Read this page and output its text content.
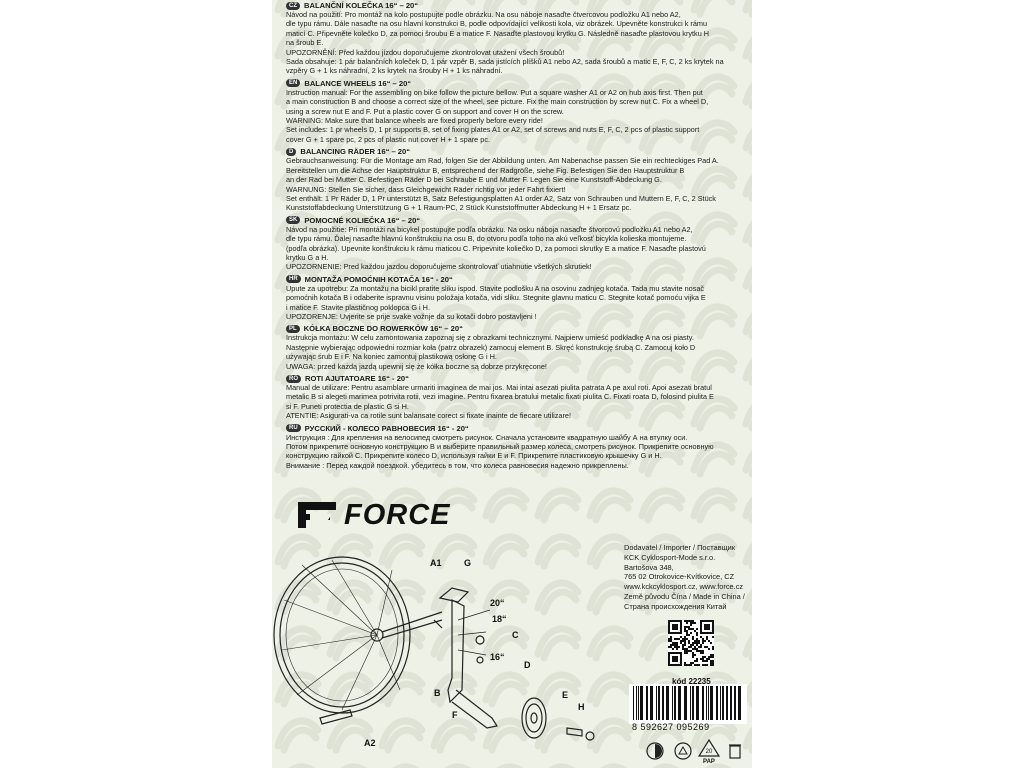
CZ BALANČNÍ KOLEČKA 16“ – 20“
Návod na použití: Pro montáž na kolo postupujte podle obrázku. Na osu náboje nasaďte čtvercovou podložku A1 nebo A2,
dle typu rámu. Dále nasaďte na osu hlavní konstrukci B, podle odpovídající velikosti kola, viz obrázek. Upevněte konstrukci k rámu
maticí C. Připevněte kolečko D, za pomoci šroubu E a matice F. Nasaďte plastovou krytku G. Následně nasaďte plastovou krytku H
na šroub E.
UPOZORNĚNÍ: Před každou jízdou doporučujeme zkontrolovat utažení všech šroubů!
Sada obsahuje: 1 pár balančních koleček D, 1 pár vzpěr B, sada jistících plíšků A1 nebo A2, sada šroubů a matic E, F, C, 2 ks krytek na
vzpěry G + 1 ks náhradní, 2 ks krytek na šrouby H + 1 ks náhradní.
EN BALANCE WHEELS 16“ – 20“
Instruction manual: For the assembling on bike follow the picture bellow. Put a square washer A1 or A2 on hub axis first. Then put
a main construction B and choose a correct size of the wheel, see picture. Fix the main construction by screw nut C. Fix a wheel D,
using a screw nut E and F. Put a plastic cover G on support and cover H on the screw.
WARNING: Make sure that balance wheels are fixed properly before every ride!
Set includes: 1 pr wheels D, 1 pr supports B, set of fixing plates A1 or A2, set of screws and nuts E, F, C, 2 pcs of plastic support
cover G + 1 spare pc, 2 pcs of plastic nut cover H + 1 spare pc.
D BALANCING RÄDER 16“ – 20“
Gebrauchsanweisung: Für die Montage am Rad, folgen Sie der Abbildung unten. Am Nabenachse passen Sie ein rechteckiges Pad A.
Bereitstellen um die Achse der Hauptstruktur B, entsprechend der Radgröße, siehe Fig. Befestigen Sie den Hauptstruktur B
an der Rad bei Mutter C. Befestigen Räder D bei Schraube E und Mutter F. Legen Sie eine Kunststoff-Abdeckung G.
WARNUNG: Stellen Sie sicher, dass Gleichgewicht Räder richtig vor jeder Fahrt fixiert!
Set enthält: 1 Pr Räder D, 1 Pr unterstützt B, Satz Befestigungsplatten A1 order A2, Satz von Schrauben und Muttern E, F, C, 2 Stück
Kunststoffabdeckung Unterstützung G + 1 Raum-PC, 2 Stück Kunststoffmutter Abdeckung H + 1 Ersatz pc.
SK POMOCNÉ KOLIEČKA 16“ – 20“
Návod na použitie: Pri montáži na bicykel postupujte podľa obrázku. Na osku náboja nasaďte štvorcovú podložku A1 nebo A2,
dle typu rámu. Ďalej nasaďte hlavnú konštrukciu na osu B, do otvoru podľa toho na akú veľkosť bicykla kolieska montujeme.
(podľa obrázka). Upevnite konštrukciu k rámu maticou C. Pripevnite koliečko D, za pomoci skrutky E a matice F. Nasaďte plastovú
krytku G a H.
UPOZORNENIE: Pred každou jazdou doporučujeme skontrolovať utiahnutie všetkých skrutiek!
HR MONTAŽA POMOĆNIH KOTAČA 16“ - 20“
Upute za upotrebu: Za montažu na bicikl pratite sliku ispod. Stavite podlošku A na osovinu zadnjeg kotača. Tada mu stavite nosač
pomoćnih kotača B i odaberite ispravnu visinu položaja kotača, vidi sliku. Stegnite glavnu maticu C. Stegnite kotač pomoću vijka E
i matice F. Stavite plastičnog poklopca G i H.
UPOZORENJE: Uvjerite se prije svake vožnje da su kotači dobro postavljeni !
PL KÓŁKA BOCZNE DO ROWERKÓW 16“ – 20“
Instrukcja montażu: W celu zamontowania zapoznaj się z obrazkami technicznymi. Najpierw umieść podkładkę A na osi piasty.
Następnie wybierając odpowiedni rozmiar koła (patrz obrazek) zamocuj element B. Skręć konstrukcję śrubą C. Zamocuj koło D
używając śrub E i F. Na koniec zamontuj plastikową osłonę G i H.
UWAGA: przed każdą jazdą upewnij się że kółka boczne są dobrze przykręcone!
RO ROTI AJUTATOARE 16“ - 20“
Manual de utilizare: Pentru asamblare urmariti imaginea de mai jos. Mai intai asezati piulita patrata A pe axul roti. Apoi asezati bratul
metalic B si alegeti marimea potrivita rotii, vezi imagine. Pentru fixarea bratului metalic fixati piulita C. Fixati roata D, folosind piulita E
si F. Puneti protectia de plastic G si H.
ATENTIE: Asigurati-va ca rotile sunt balansate corect si fixate inainte de fiecare utilizare!
RU РУССКИЙ - КОЛЕСО РАВНОВЕСИЯ 16“ - 20“
Инструкция : Для крепления на велосипед смотреть рисунок. Сначала установите квадратную шайбу А на втулку оси.
Потом прикрепите основную конструкцию В и выберите правильный размер колеса, смотреть рисунок. Прикрепите основную
конструкцию гайкой С. Прикрепите колесо D, используя гайки Е и F. Прикрепите пластиковую крышечку G и H.
Внимание : Перед каждой поездкой. убедитесь в том, что колеса равновесия надежно прикреплены.
FORCE
A1 G
20“
18“
C
16“
D
B
F
E
H
A2
Dodavatel / Importer / Поставщик
KCK Cyklosport-Mode s.r.o.
Bartošova 348,
765 02 Otrokovice-Kvítkovice, CZ
www.kckcyklosport.cz, www.force.cz
Země původu Čína / Made in China /
Страна происхождения Китай
kód 22235
8 592627 095269
20
PAP
